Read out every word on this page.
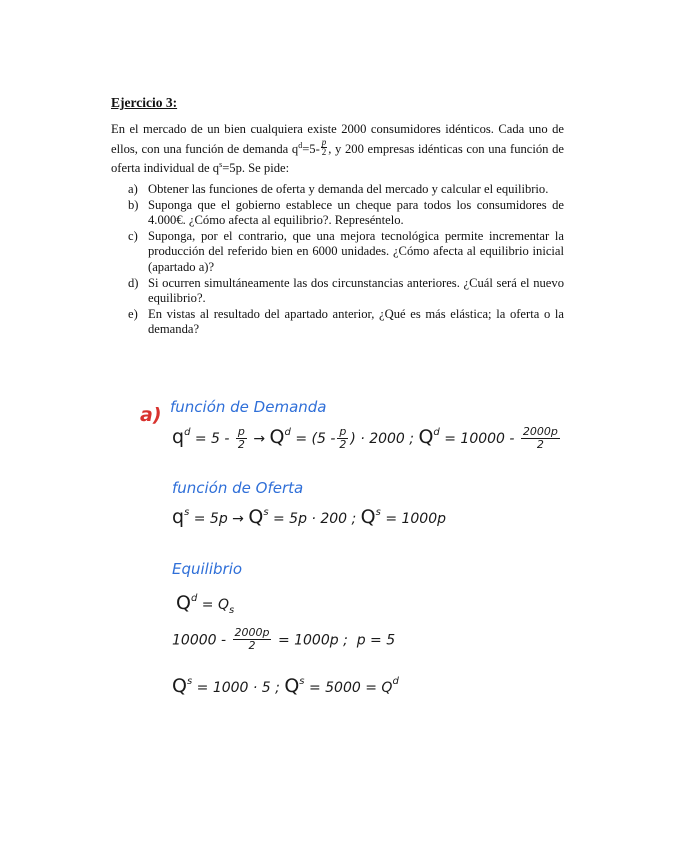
Ejercicio 3:
En el mercado de un bien cualquiera existe 2000 consumidores idénticos. Cada uno de ellos, con una función de demanda $q^d=5- \frac{p}{2}$ , y 200 empresas idénticas con una función de oferta individual de $q^s=5p$. Se pide:
a) Obtener las funciones de oferta y demanda del mercado y calcular el equilibrio.
b) Suponga que el gobierno establece un cheque para todos los consumidores de 4.000€. ¿Cómo afecta al equilibrio?. Represéntelo.
c) Suponga, por el contrario, que una mejora tecnológica permite incrementar la producción del referido bien en 6000 unidades. ¿Cómo afecta al equilibrio inicial (apartado a)?
d) Si ocurren simultáneamente las dos circunstancias anteriores. ¿Cuál será el nuevo equilibrio?.
e) En vistas al resultado del apartado anterior, ¿Qué es más elástica; la oferta o la demanda?
a) función de Demanda
$q^d = 5 - \frac{p}{2} \to Q^d = (5 - \frac{p}{2}$ ) · 2000 ; $Q^d = 10000 - \frac{2000p}{2}$
función de Oferta
$q^s = 5p \to Q^s = 5p \cdot 200$ ; $Q^s = 1000p$
Equilibrio
$Q^d = Q_s$
$10000 - \frac{2000p}{2} = 1000p$ ; p = 5
$Q^s = 1000 \cdot 5$ ; $Q^s = 5000 = Q^d$
